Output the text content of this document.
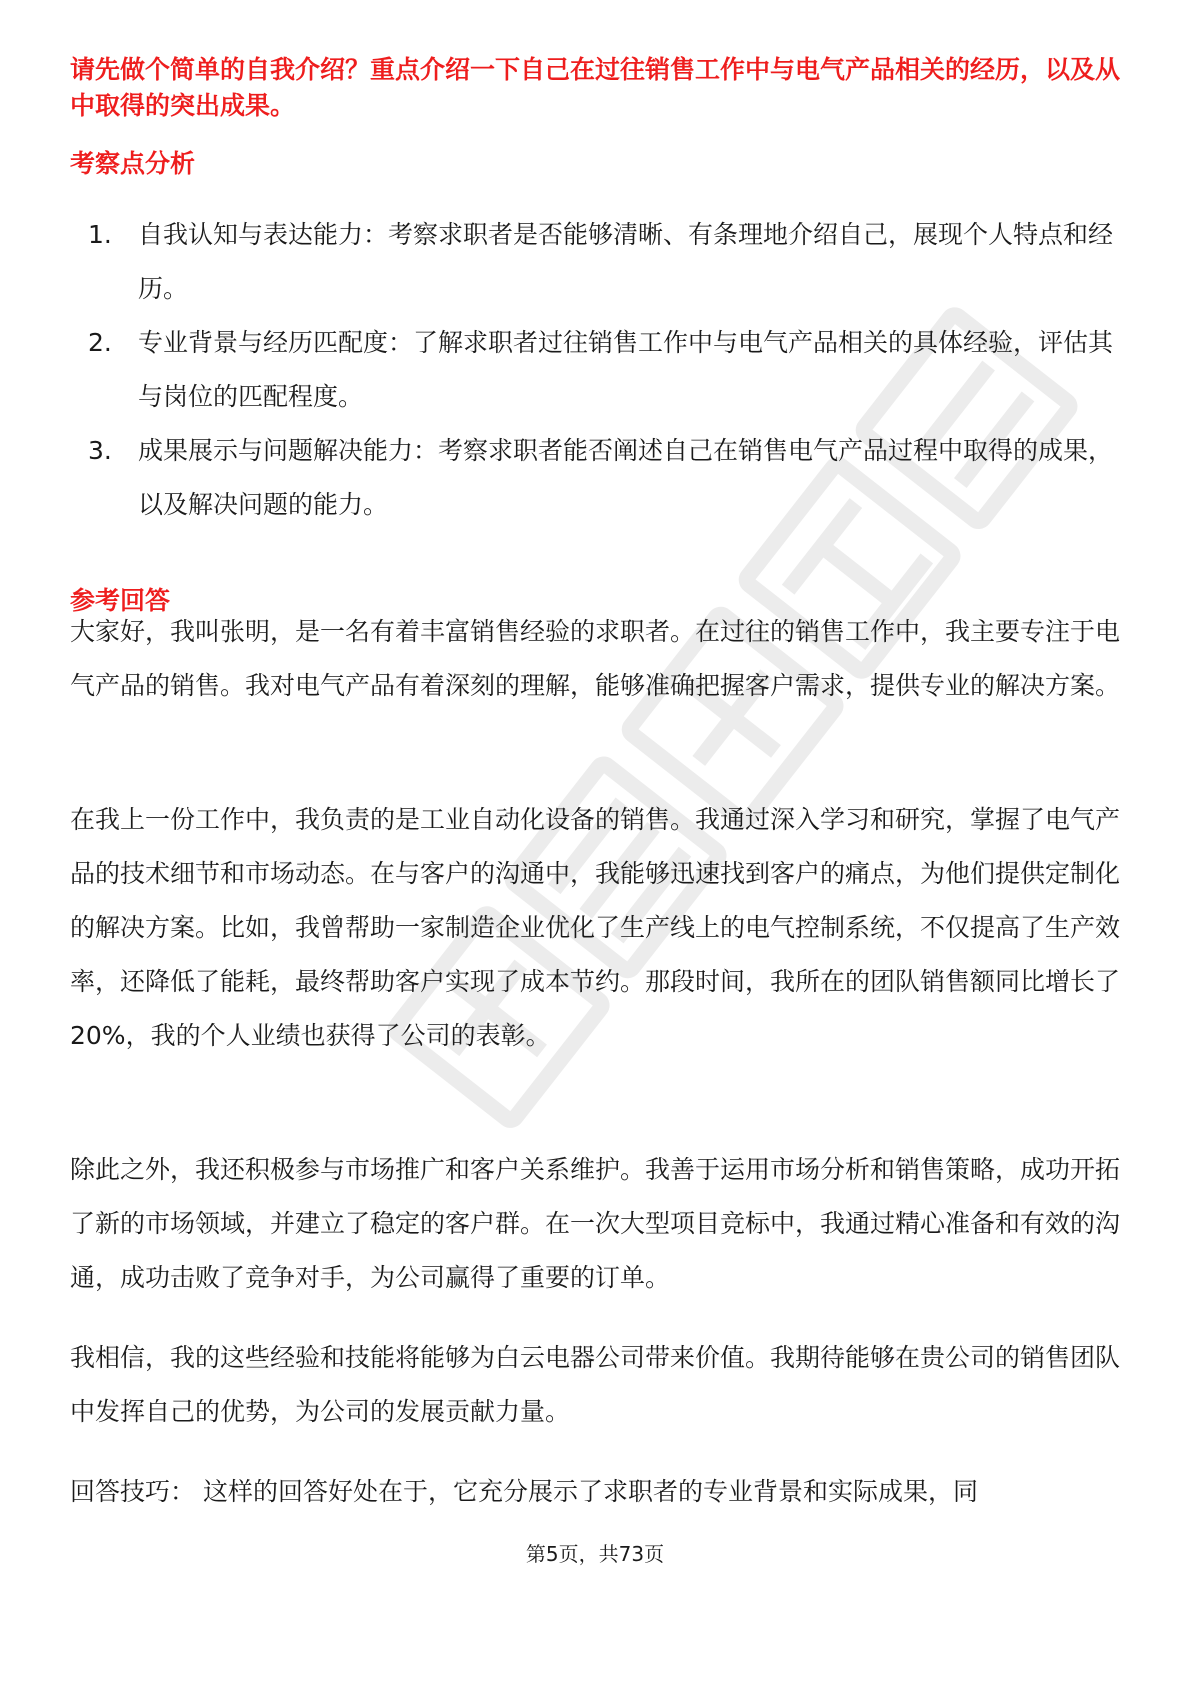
请先做个简单的自我介绍？重点介绍一下自己在过往销售工作中与电气产品相关的经历，以及从中取得的突出成果。

考察点分析
1.	自我认知与表达能力：考察求职者是否能够清晰、有条理地介绍自己，展现个人特点和经历。
2.	专业背景与经历匹配度：了解求职者过往销售工作中与电气产品相关的具体经验，评估其与岗位的匹配程度。
3.	成果展示与问题解决能力：考察求职者能否阐述自己在销售电气产品过程中取得的成果，以及解决问题的能力。
参考回答

大家好，我叫张明，是一名有着丰富销售经验的求职者。在过往的销售工作中，我主要专注于电气产品的销售。我对电气产品有着深刻的理解，能够准确把握客户需求，提供专业的解决方案。

在我上一份工作中，我负责的是工业自动化设备的销售。我通过深入学习和研究，掌握了电气产品的技术细节和市场动态。在与客户的沟通中，我能够迅速找到客户的痛点，为他们提供定制化的解决方案。比如，我曾帮助一家制造企业优化了生产线上的电气控制系统，不仅提高了生产效率，还降低了能耗，最终帮助客户实现了成本节约。那段时间，我所在的团队销售额同比增长了20%，我的个人业绩也获得了公司的表彰。

除此之外，我还积极参与市场推广和客户关系维护。我善于运用市场分析和销售策略，成功开拓了新的市场领域，并建立了稳定的客户群。在一次大型项目竞标中，我通过精心准备和有效的沟通，成功击败了竞争对手，为公司赢得了重要的订单。

我相信，我的这些经验和技能将能够为白云电器公司带来价值。我期待能够在贵公司的销售团队中发挥自己的优势，为公司的发展贡献力量。

回答技巧： 这样的回答好处在于，它充分展示了求职者的专业背景和实际成果，同

第5页，共73页
